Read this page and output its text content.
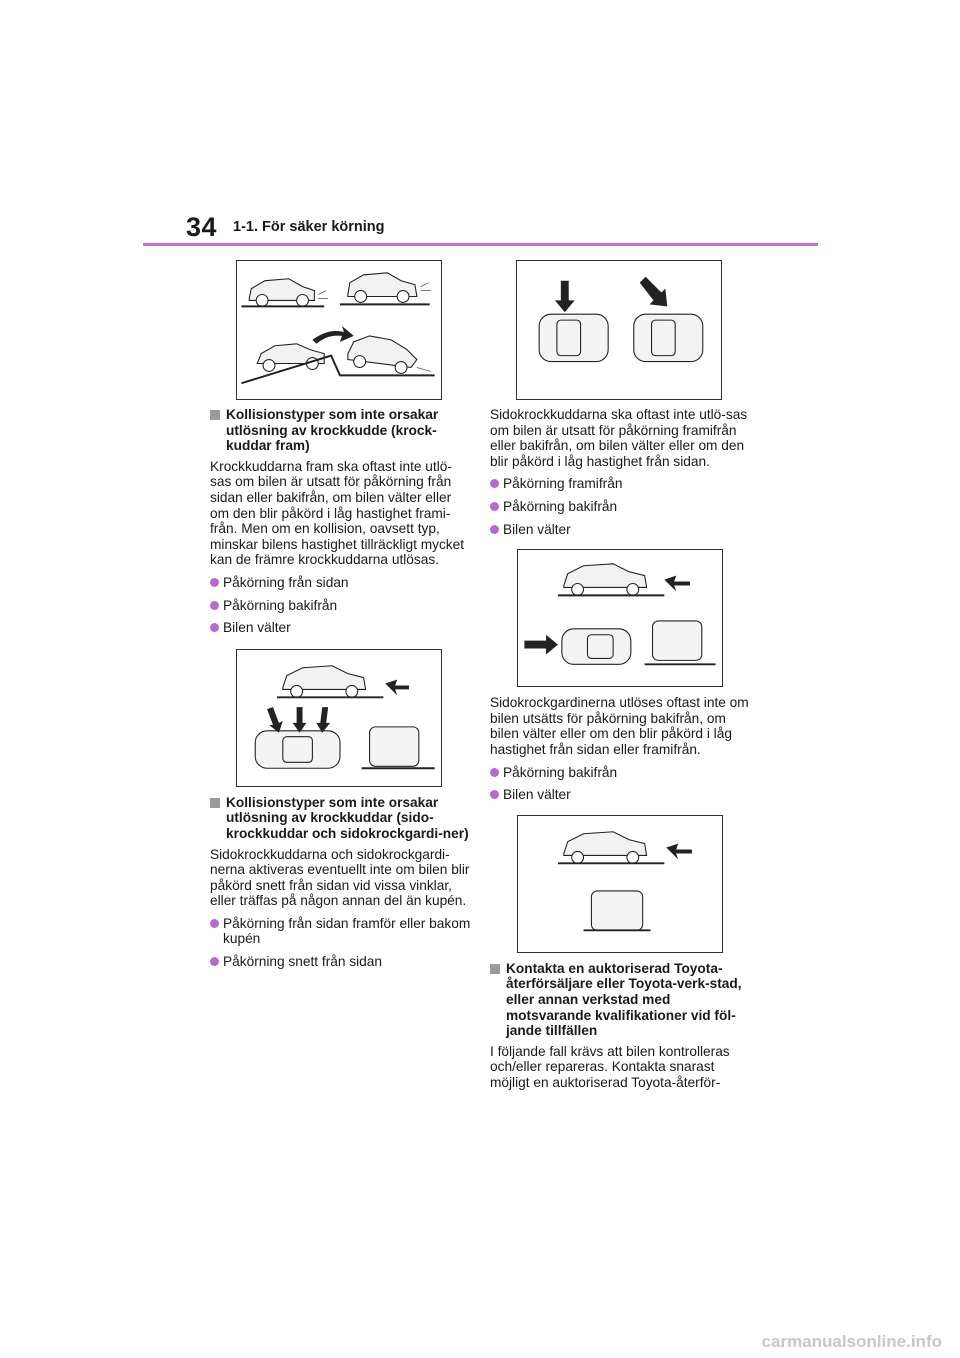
34 1-1. För säker körning
Kollisionstyper som inte orsakar utlösning av krockkudde (krock-kuddar fram)
Krockkuddarna fram ska oftast inte utlö-sas om bilen är utsatt för påkörning från sidan eller bakifrån, om bilen välter eller om den blir påkörd i låg hastighet frami-från. Men om en kollision, oavsett typ, minskar bilens hastighet tillräckligt mycket kan de främre krockkuddarna utlösas.
Påkörning från sidan
Påkörning bakifrån
Bilen välter
Kollisionstyper som inte orsakar utlösning av krockkuddar (sido-krockkuddar och sidokrockgardi-ner)
Sidokrockkuddarna och sidokrockgardi-nerna aktiveras eventuellt inte om bilen blir påkörd snett från sidan vid vissa vinklar, eller träffas på någon annan del än kupén.
Påkörning från sidan framför eller bakom kupén
Påkörning snett från sidan
Sidokrockkuddarna ska oftast inte utlö-sas om bilen är utsatt för påkörning framifrån eller bakifrån, om bilen välter eller om den blir påkörd i låg hastighet från sidan.
Påkörning framifrån
Påkörning bakifrån
Bilen välter
Sidokrockgardinerna utlöses oftast inte om bilen utsätts för påkörning bakifrån, om bilen välter eller om den blir påkörd i låg hastighet från sidan eller framifrån.
Påkörning bakifrån
Bilen välter
Kontakta en auktoriserad Toyota-återförsäljare eller Toyota-verk-stad, eller annan verkstad med motsvarande kvalifikationer vid föl-jande tillfällen
I följande fall krävs att bilen kontrolleras och/eller repareras. Kontakta snarast möjligt en auktoriserad Toyota-återför-
carmanualsonline.info
